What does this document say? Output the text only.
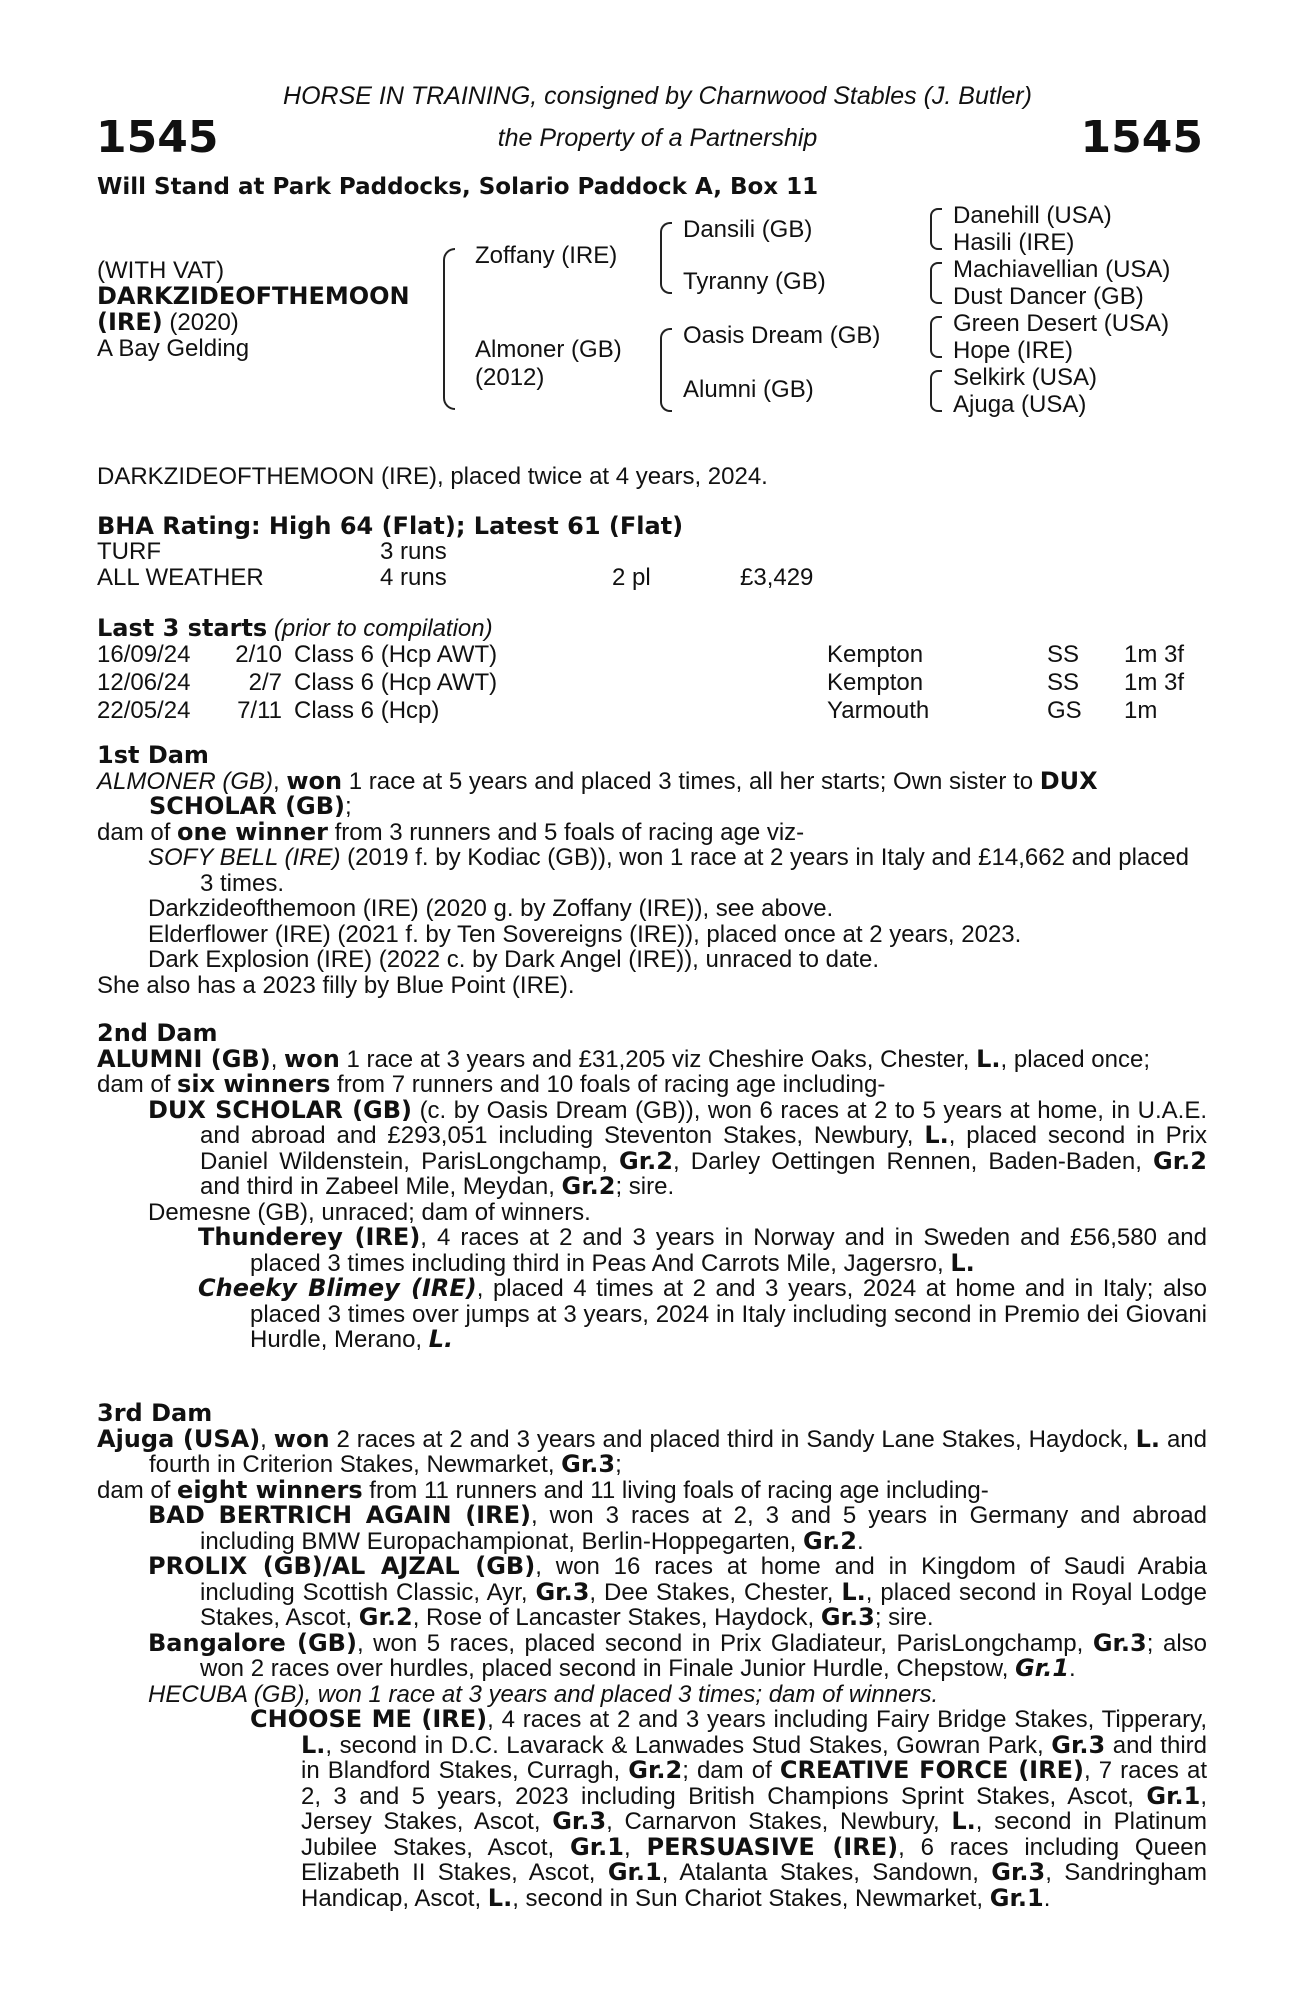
1545	1545
HORSE IN TRAINING, consigned by Charnwood Stables (J. Butler)
the Property of a Partnership
Will Stand at Park Paddocks, Solario Paddock A, Box 11
(WITH VAT)
DARKZIDEOFTHEMOON
(IRE) (2020)
A Bay Gelding
Zoffany (IRE)
Almoner (GB)
(2012)
Dansili (GB)
Tyranny (GB)
Oasis Dream (GB)
Alumni (GB)
Danehill (USA)
Hasili (IRE)
Machiavellian (USA)
Dust Dancer (GB)
Green Desert (USA)
Hope (IRE)
Selkirk (USA)
Ajuga (USA)
DARKZIDEOFTHEMOON (IRE), placed twice at 4 years, 2024.
BHA Rating: High 64 (Flat); Latest 61 (Flat)
TURF	3 runs
ALL WEATHER	4 runs	2 pl	£3,429
Last 3 starts (prior to compilation)
16/09/24	2/10	Class 6 (Hcp AWT)	Kempton	SS	1m 3f
12/06/24	2/7	Class 6 (Hcp AWT)	Kempton	SS	1m 3f
22/05/24	7/11	Class 6 (Hcp)	Yarmouth	GS	1m

1st Dam

ALMONER (GB), won 1 race at 5 years and placed 3 times, all her starts; Own sister to DUX SCHOLAR (GB);

dam of one winner from 3 runners and 5 foals of racing age viz-

SOFY BELL (IRE) (2019 f. by Kodiac (GB)), won 1 race at 2 years in Italy and £14,662 and placed 3 times.

Darkzideofthemoon (IRE) (2020 g. by Zoffany (IRE)), see above.

Elderflower (IRE) (2021 f. by Ten Sovereigns (IRE)), placed once at 2 years, 2023.

Dark Explosion (IRE) (2022 c. by Dark Angel (IRE)), unraced to date.

She also has a 2023 filly by Blue Point (IRE).

2nd Dam

ALUMNI (GB), won 1 race at 3 years and £31,205 viz Cheshire Oaks, Chester, L., placed once;

dam of six winners from 7 runners and 10 foals of racing age including-

DUX SCHOLAR (GB) (c. by Oasis Dream (GB)), won 6 races at 2 to 5 years at home, in U.A.E. and abroad and £293,051 including Steventon Stakes, Newbury, L., placed second in Prix Daniel Wildenstein, ParisLongchamp, Gr.2, Darley Oettingen Rennen, Baden-Baden, Gr.2 and third in Zabeel Mile, Meydan, Gr.2; sire.

Demesne (GB), unraced; dam of winners.

Thunderey (IRE), 4 races at 2 and 3 years in Norway and in Sweden and £56,580 and placed 3 times including third in Peas And Carrots Mile, Jagersro, L.

Cheeky Blimey (IRE), placed 4 times at 2 and 3 years, 2024 at home and in Italy; also placed 3 times over jumps at 3 years, 2024 in Italy including second in Premio dei Giovani Hurdle, Merano, L.

3rd Dam

Ajuga (USA), won 2 races at 2 and 3 years and placed third in Sandy Lane Stakes, Haydock, L. and fourth in Criterion Stakes, Newmarket, Gr.3;

dam of eight winners from 11 runners and 11 living foals of racing age including-

BAD BERTRICH AGAIN (IRE), won 3 races at 2, 3 and 5 years in Germany and abroad including BMW Europachampionat, Berlin-Hoppegarten, Gr.2.

PROLIX (GB)/AL AJZAL (GB), won 16 races at home and in Kingdom of Saudi Arabia including Scottish Classic, Ayr, Gr.3, Dee Stakes, Chester, L., placed second in Royal Lodge Stakes, Ascot, Gr.2, Rose of Lancaster Stakes, Haydock, Gr.3; sire.

Bangalore (GB), won 5 races, placed second in Prix Gladiateur, ParisLongchamp, Gr.3; also won 2 races over hurdles, placed second in Finale Junior Hurdle, Chepstow, Gr.1.

HECUBA (GB), won 1 race at 3 years and placed 3 times; dam of winners.

CHOOSE ME (IRE), 4 races at 2 and 3 years including Fairy Bridge Stakes, Tipperary, L., second in D.C. Lavarack & Lanwades Stud Stakes, Gowran Park, Gr.3 and third in Blandford Stakes, Curragh, Gr.2; dam of CREATIVE FORCE (IRE), 7 races at 2, 3 and 5 years, 2023 including British Champions Sprint Stakes, Ascot, Gr.1, Jersey Stakes, Ascot, Gr.3, Carnarvon Stakes, Newbury, L., second in Platinum Jubilee Stakes, Ascot, Gr.1, PERSUASIVE (IRE), 6 races including Queen Elizabeth II Stakes, Ascot, Gr.1, Atalanta Stakes, Sandown, Gr.3, Sandringham Handicap, Ascot, L., second in Sun Chariot Stakes, Newmarket, Gr.1.
